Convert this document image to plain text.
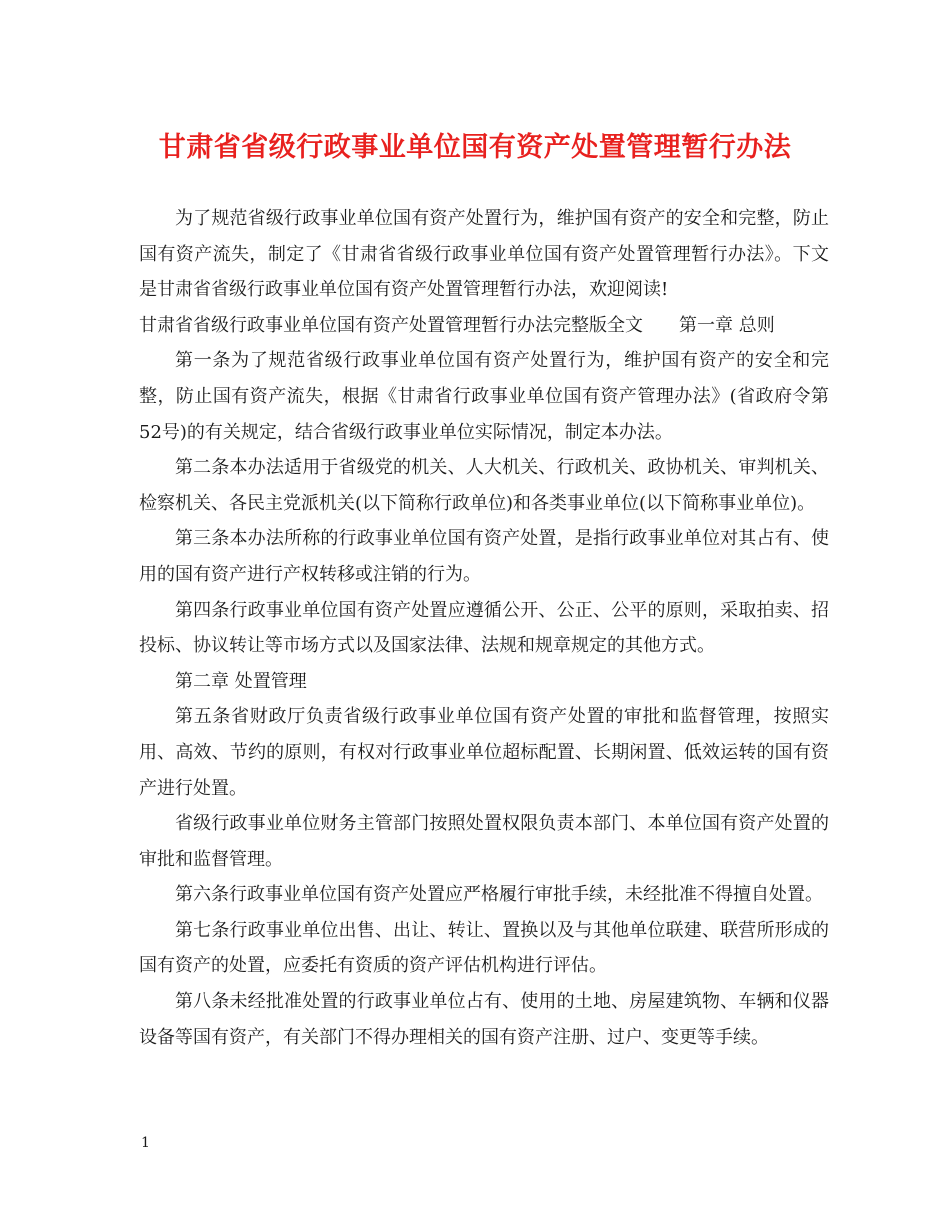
甘肃省省级行政事业单位国有资产处置管理暂行办法

为了规范省级行政事业单位国有资产处置行为，维护国有资产的安全和完整，防止国有资产流失，制定了《甘肃省省级行政事业单位国有资产处置管理暂行办法》。下文是甘肃省省级行政事业单位国有资产处置管理暂行办法，欢迎阅读!

甘肃省省级行政事业单位国有资产处置管理暂行办法完整版全文 第一章 总则

第一条为了规范省级行政事业单位国有资产处置行为，维护国有资产的安全和完整，防止国有资产流失，根据《甘肃省行政事业单位国有资产管理办法》(省政府令第52号)的有关规定，结合省级行政事业单位实际情况，制定本办法。

第二条本办法适用于省级党的机关、人大机关、行政机关、政协机关、审判机关、检察机关、各民主党派机关(以下简称行政单位)和各类事业单位(以下简称事业单位)。

第三条本办法所称的行政事业单位国有资产处置，是指行政事业单位对其占有、使用的国有资产进行产权转移或注销的行为。

第四条行政事业单位国有资产处置应遵循公开、公正、公平的原则，采取拍卖、招投标、协议转让等市场方式以及国家法律、法规和规章规定的其他方式。

第二章 处置管理

第五条省财政厅负责省级行政事业单位国有资产处置的审批和监督管理，按照实用、高效、节约的原则，有权对行政事业单位超标配置、长期闲置、低效运转的国有资产进行处置。

省级行政事业单位财务主管部门按照处置权限负责本部门、本单位国有资产处置的审批和监督管理。

第六条行政事业单位国有资产处置应严格履行审批手续，未经批准不得擅自处置。

第七条行政事业单位出售、出让、转让、置换以及与其他单位联建、联营所形成的国有资产的处置，应委托有资质的资产评估机构进行评估。

第八条未经批准处置的行政事业单位占有、使用的土地、房屋建筑物、车辆和仪器设备等国有资产，有关部门不得办理相关的国有资产注册、过户、变更等手续。

1
